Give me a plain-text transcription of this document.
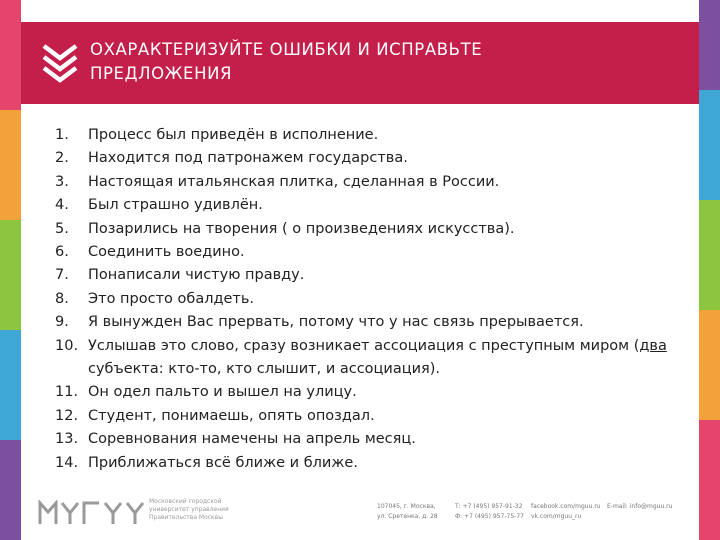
ОХАРАКТЕРИЗУЙТЕ ОШИБКИ И ИСПРАВЬТЕ
ПРЕДЛОЖЕНИЯ
1.	Процесс был приведён в исполнение.
2.	Находится под патронажем государства.
3.	Настоящая итальянская плитка, сделанная в России.
4.	Был страшно удивлён.
5.	Позарились на творения ( о произведениях искусства).
6.	Соединить воедино.
7.	Понаписали чистую правду.
8.	Это просто обалдеть.
9.	Я вынужден Вас прервать, потому что у нас связь прерывается.
10. Услышав это слово, сразу возникает ассоциация с преступным миром (два
субъекта: кто-то, кто слышит, и ассоциация).
11. Он одел пальто и вышел на улицу.
12. Студент, понимаешь, опять опоздал.
13. Соревнования намечены на апрель месяц.
14. Приближаться всё ближе и ближе.
Московский городской
университет управления
Правительства Москвы
107045, г. Москва,
ул. Сретенка, д. 28
Т: +7 (495) 957-91-32
Ф: +7 (495) 957-75-77
facebook.com/mguu.ru
vk.com/mguu_ru
E-mail: info@mguu.ru
